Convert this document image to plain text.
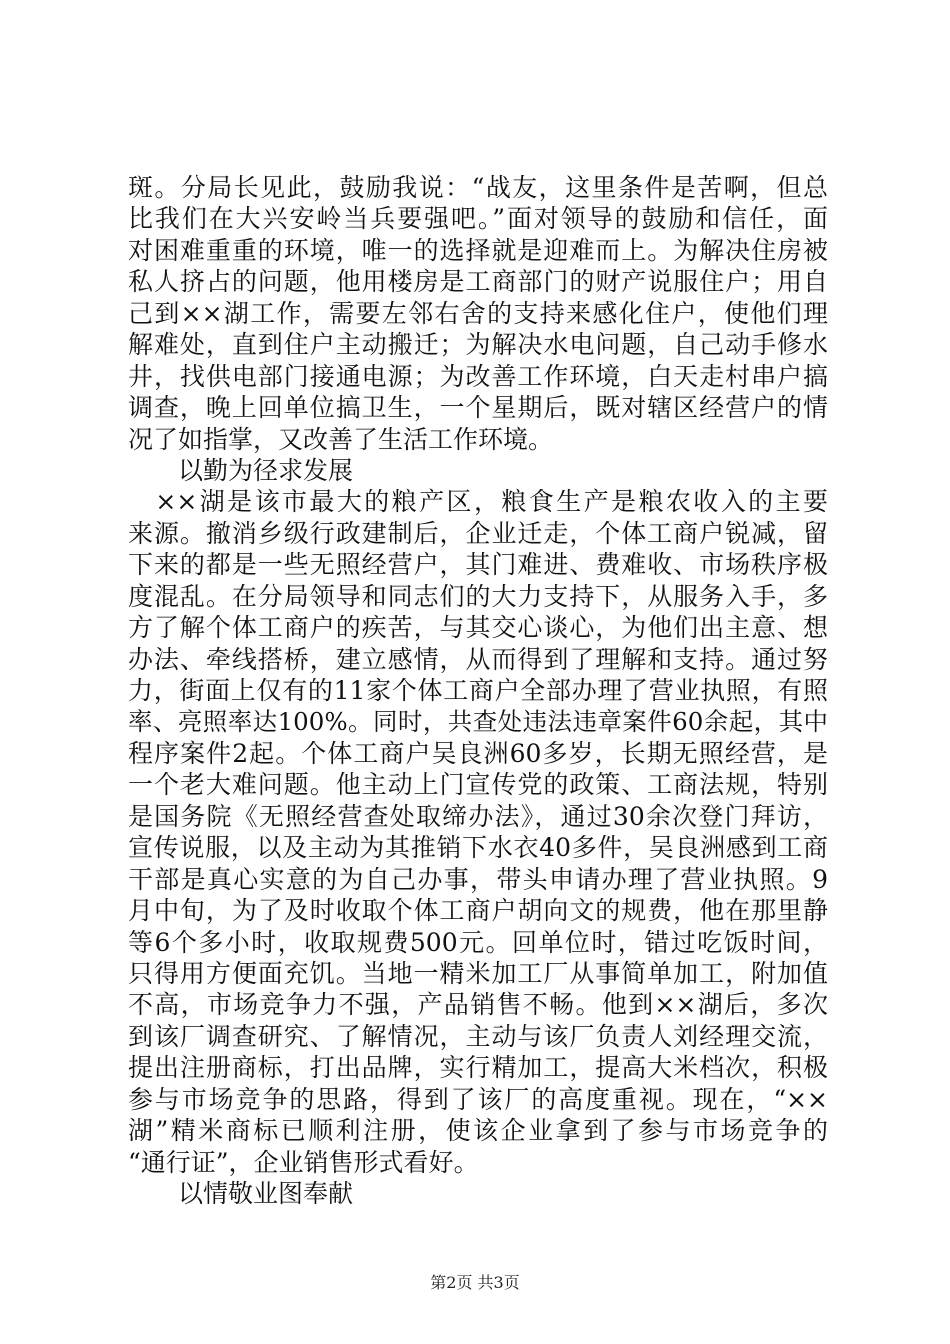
斑。分局长见此，鼓励我说：“战友，这里条件是苦啊，但总
比我们在大兴安岭当兵要强吧。”面对领导的鼓励和信任，面
对困难重重的环境，唯一的选择就是迎难而上。为解决住房被
私人挤占的问题，他用楼房是工商部门的财产说服住户；用自
己到××湖工作，需要左邻右舍的支持来感化住户，使他们理
解难处，直到住户主动搬迁；为解决水电问题，自己动手修水
井，找供电部门接通电源；为改善工作环境，白天走村串户搞
调查，晚上回单位搞卫生，一个星期后，既对辖区经营户的情
况了如指掌，又改善了生活工作环境。
以勤为径求发展
　××湖是该市最大的粮产区，粮食生产是粮农收入的主要
来源。撤消乡级行政建制后，企业迁走，个体工商户锐减，留
下来的都是一些无照经营户，其门难进、费难收、市场秩序极
度混乱。在分局领导和同志们的大力支持下，从服务入手，多
方了解个体工商户的疾苦，与其交心谈心，为他们出主意、想
办法、牵线搭桥，建立感情，从而得到了理解和支持。通过努
力，街面上仅有的11家个体工商户全部办理了营业执照，有照
率、亮照率达100%。同时，共查处违法违章案件60余起，其中
程序案件2起。个体工商户吴良洲60多岁，长期无照经营，是
一个老大难问题。他主动上门宣传党的政策、工商法规，特别
是国务院《无照经营查处取缔办法》，通过30余次登门拜访，
宣传说服，以及主动为其推销下水衣40多件，吴良洲感到工商
干部是真心实意的为自己办事，带头申请办理了营业执照。9
月中旬，为了及时收取个体工商户胡向文的规费，他在那里静
等6个多小时，收取规费500元。回单位时，错过吃饭时间，
只得用方便面充饥。当地一精米加工厂从事简单加工，附加值
不高，市场竞争力不强，产品销售不畅。他到××湖后，多次
到该厂调查研究、了解情况，主动与该厂负责人刘经理交流，
提出注册商标，打出品牌，实行精加工，提高大米档次，积极
参与市场竞争的思路，得到了该厂的高度重视。现在，“××
湖”精米商标已顺利注册，使该企业拿到了参与市场竞争的
“通行证”，企业销售形式看好。
以情敬业图奉献
第2页 共3页
